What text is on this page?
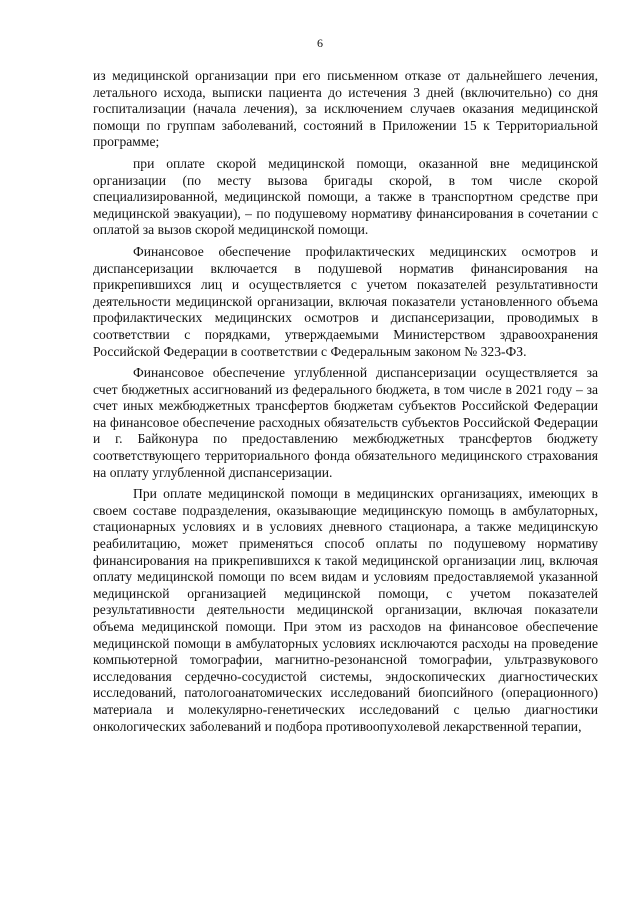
6

из медицинской организации при его письменном отказе от дальнейшего лечения, летального исхода, выписки пациента до истечения 3 дней (включительно) со дня госпитализации (начала лечения), за исключением случаев оказания медицинской помощи по группам заболеваний, состояний в Приложении 15 к Территориальной программе;

при оплате скорой медицинской помощи, оказанной вне медицинской организации (по месту вызова бригады скорой, в том числе скорой специализированной, медицинской помощи, а также в транспортном средстве при медицинской эвакуации), – по подушевому нормативу финансирования в сочетании с оплатой за вызов скорой медицинской помощи.

Финансовое обеспечение профилактических медицинских осмотров и диспансеризации включается в подушевой норматив финансирования на прикрепившихся лиц и осуществляется с учетом показателей результативности деятельности медицинской организации, включая показатели установленного объема профилактических медицинских осмотров и диспансеризации, проводимых в соответствии с порядками, утверждаемыми Министерством здравоохранения Российской Федерации в соответствии с Федеральным законом № 323-ФЗ.

Финансовое обеспечение углубленной диспансеризации осуществляется за счет бюджетных ассигнований из федерального бюджета, в том числе в 2021 году – за счет иных межбюджетных трансфертов бюджетам субъектов Российской Федерации на финансовое обеспечение расходных обязательств субъектов Российской Федерации и г. Байконура по предоставлению межбюджетных трансфертов бюджету соответствующего территориального фонда обязательного медицинского страхования на оплату углубленной диспансеризации.

При оплате медицинской помощи в медицинских организациях, имеющих в своем составе подразделения, оказывающие медицинскую помощь в амбулаторных, стационарных условиях и в условиях дневного стационара, а также медицинскую реабилитацию, может применяться способ оплаты по подушевому нормативу финансирования на прикрепившихся к такой медицинской организации лиц, включая оплату медицинской помощи по всем видам и условиям предоставляемой указанной медицинской организацией медицинской помощи, с учетом показателей результативности деятельности медицинской организации, включая показатели объема медицинской помощи. При этом из расходов на финансовое обеспечение медицинской помощи в амбулаторных условиях исключаются расходы на проведение компьютерной томографии, магнитно-резонансной томографии, ультразвукового исследования сердечно-сосудистой системы, эндоскопических диагностических исследований, патологоанатомических исследований биопсийного (операционного) материала и молекулярно-генетических исследований с целью диагностики онкологических заболеваний и подбора противоопухолевой лекарственной терапии,
